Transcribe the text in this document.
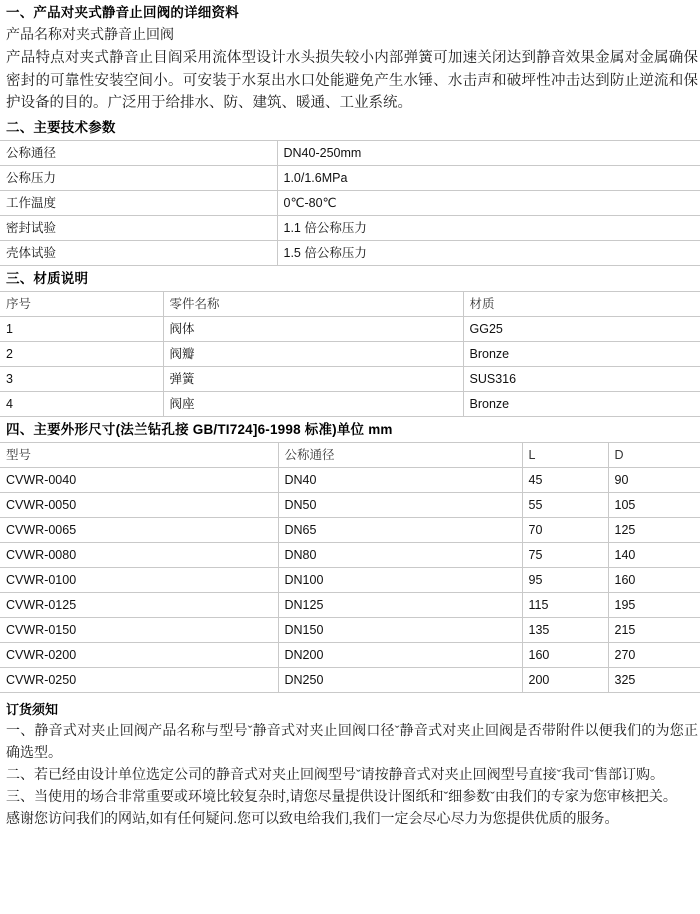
一、产品对夹式静音止回阀的详细资料

产品名称对夹式静音止回阀

产品特点对夹式静音止目阎采用流体型设计水头损失较小内部弹簧可加速关闭达到静音效果金属对金属确保密封的可靠性安装空间小。可安装于水泵出水口处能避免产生水锤、水击声和破坪性冲击达到防止逆流和保护设备的目的。广泛用于给排水、防、建筑、暖通、工业系统。

二、主要技术参数
公称通径	DN40-250mm
公称压力	1.0/1.6MPa
工作温度	0℃-80℃
密封试验	1.1 倍公称压力
壳体试验	1.5 倍公称压力
三、材质说明
序号	零件名称	材质
1	阀体	GG25
2	阀瓣	Bronze
3	弹簧	SUS316
4	阀座	Bronze
四、主要外形尺寸(法兰钻孔接 GB/TI724]6-1998 标准)单位 mm
型号	公称通径	L	D
CVWR-0040	DN40	45	90
CVWR-0050	DN50	55	105
CVWR-0065	DN65	70	125
CVWR-0080	DN80	75	140
CVWR-0100	DN100	95	160
CVWR-0125	DN125	115	195
CVWR-0150	DN150	135	215
CVWR-0200	DN200	160	270
CVWR-0250	DN250	200	325
订货须知

一、静音式对夹止回阀产品名称与型号ˇ静音式对夹止回阀口径ˇ静音式对夹止回阀是否带附件以便我们的为您正确选型。

二、若已经由设计单位选定公司的静音式对夹止回阀型号ˇ请按静音式对夹止回阀型号直接ˇ我司ˇ售部订购。

三、当使用的场合非常重要或环境比较复杂时,请您尽量提供设计图纸和ˇ细参数ˇ由我们的专家为您审核把关。

感谢您访问我们的网站,如有任何疑问.您可以致电给我们,我们一定会尽心尽力为您提供优质的服务。
